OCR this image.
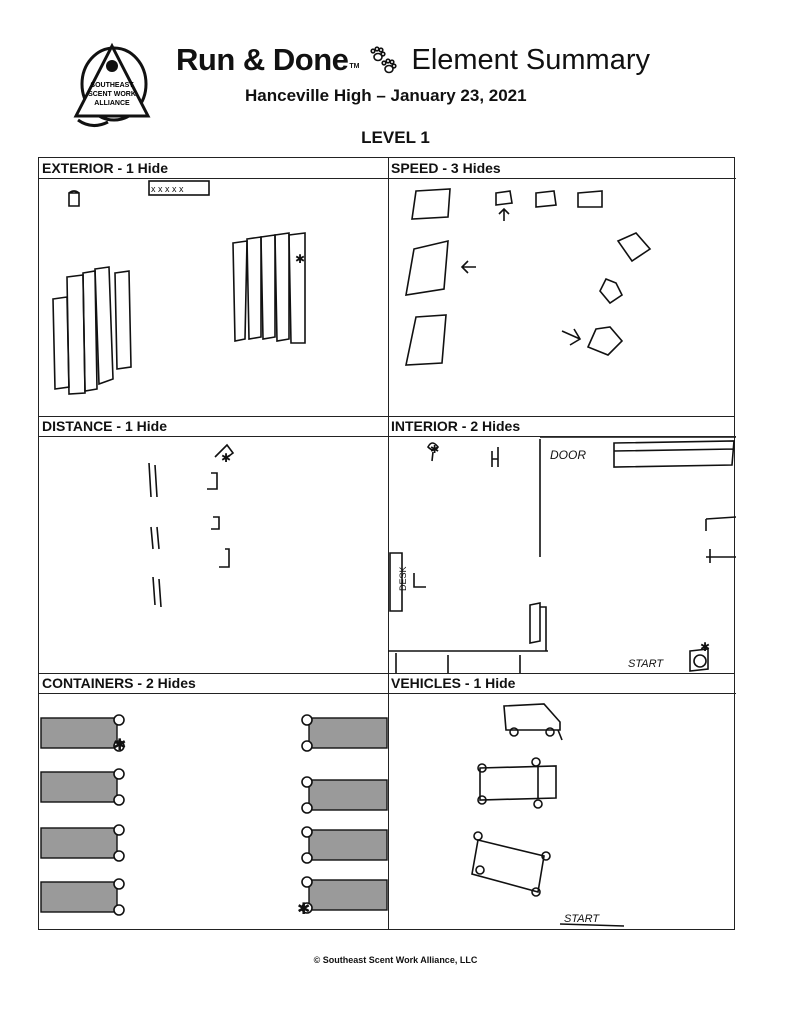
SOUTHEAST
SCENT WORK
ALLIANCE
Run & Done TM Element Summary
Hanceville High – January 23, 2021
LEVEL 1
EXTERIOR - 1 Hide
x x x x x
✱
SPEED - 3 Hides
DISTANCE - 1 Hide
✱
INTERIOR - 2 Hides
DOOR
DESK
START
✱
✱
CONTAINERS - 2 Hides
✱
✱
VEHICLES - 1 Hide
START
© Southeast Scent Work Alliance, LLC
